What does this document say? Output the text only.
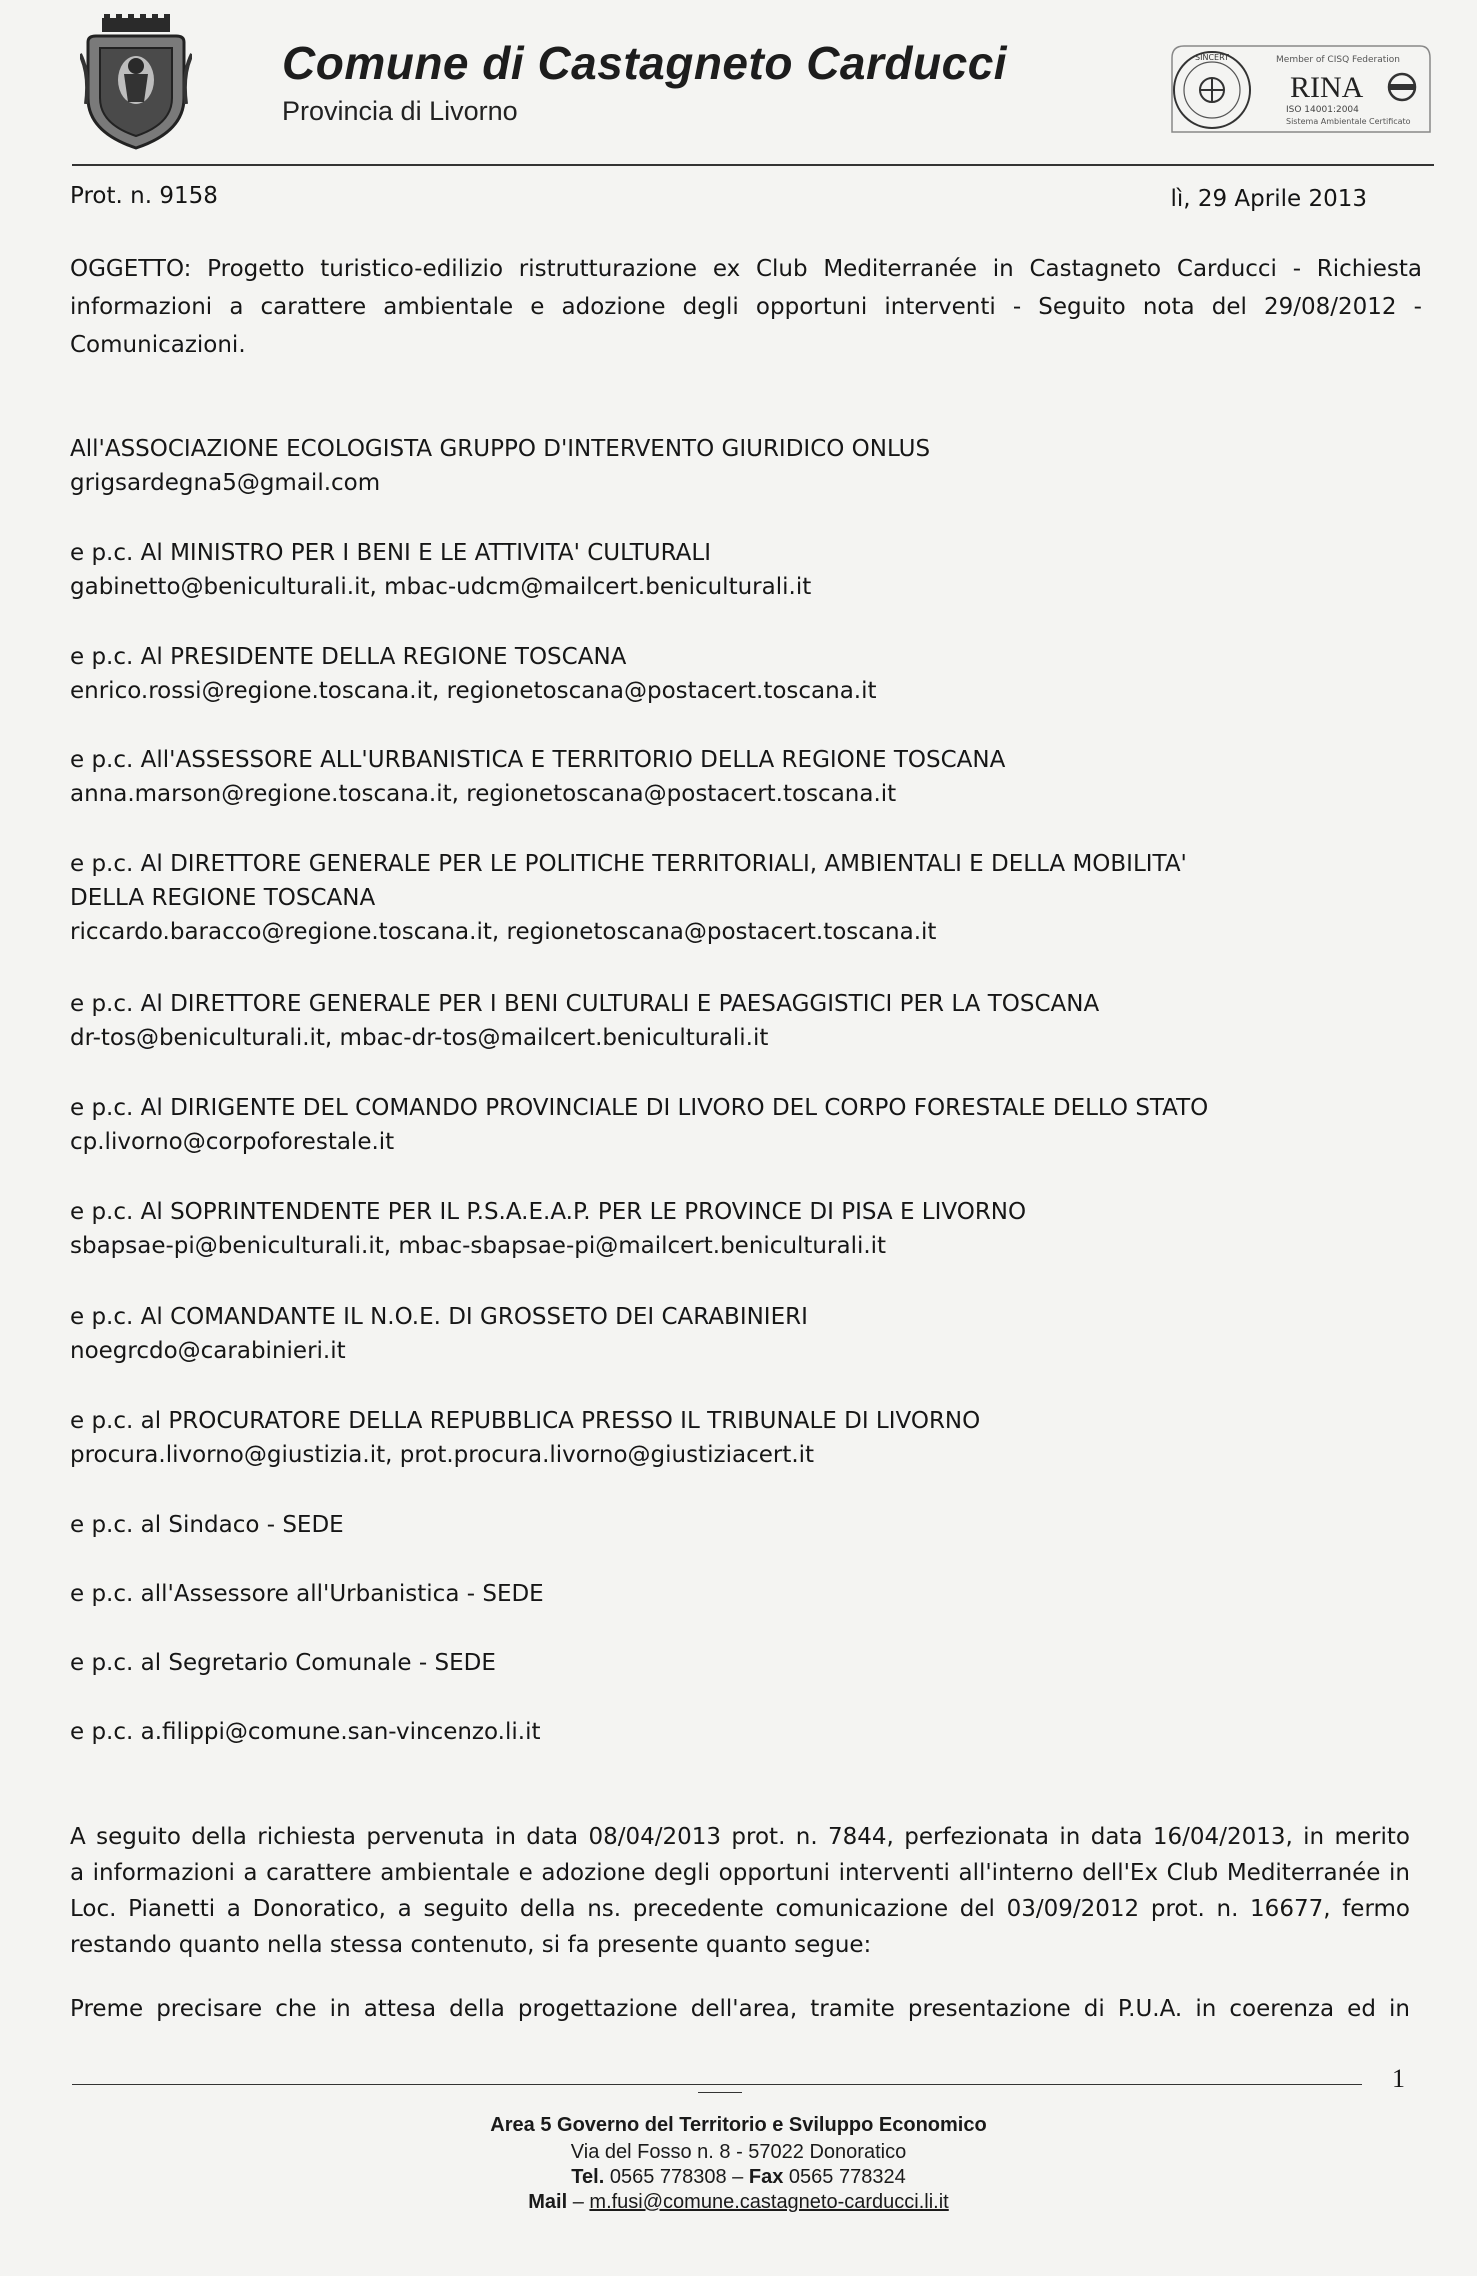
Comune di Castagneto Carducci
Provincia di Livorno
SINCERT	Member of CISQ Federation
RINA
ISO 14001:2004
Sistema Ambientale Certificato
Prot. n. 9158	lì, 29 Aprile 2013
OGGETTO: Progetto turistico-edilizio ristrutturazione ex Club Mediterranée in Castagneto Carducci - Richiesta
informazioni a carattere ambientale e adozione degli opportuni interventi - Seguito nota del 29/08/2012 -
Comunicazioni.
All'ASSOCIAZIONE ECOLOGISTA GRUPPO D'INTERVENTO GIURIDICO ONLUS
grigsardegna5@gmail.com
e p.c. Al MINISTRO PER I BENI E LE ATTIVITA' CULTURALI
gabinetto@beniculturali.it, mbac-udcm@mailcert.beniculturali.it
e p.c. Al PRESIDENTE DELLA REGIONE TOSCANA
enrico.rossi@regione.toscana.it, regionetoscana@postacert.toscana.it
e p.c. All'ASSESSORE ALL'URBANISTICA E TERRITORIO DELLA REGIONE TOSCANA
anna.marson@regione.toscana.it, regionetoscana@postacert.toscana.it
e p.c. Al DIRETTORE GENERALE PER LE POLITICHE TERRITORIALI, AMBIENTALI E DELLA MOBILITA'
DELLA REGIONE TOSCANA
riccardo.baracco@regione.toscana.it, regionetoscana@postacert.toscana.it
e p.c. Al DIRETTORE GENERALE PER I BENI CULTURALI E PAESAGGISTICI PER LA TOSCANA
dr-tos@beniculturali.it, mbac-dr-tos@mailcert.beniculturali.it
e p.c. Al DIRIGENTE DEL COMANDO PROVINCIALE DI LIVORO DEL CORPO FORESTALE DELLO STATO
cp.livorno@corpoforestale.it
e p.c. Al SOPRINTENDENTE PER IL P.S.A.E.A.P. PER LE PROVINCE DI PISA E LIVORNO
sbapsae-pi@beniculturali.it, mbac-sbapsae-pi@mailcert.beniculturali.it
e p.c. Al COMANDANTE IL N.O.E. DI GROSSETO DEI CARABINIERI
noegrcdo@carabinieri.it
e p.c. al PROCURATORE DELLA REPUBBLICA PRESSO IL TRIBUNALE DI LIVORNO
procura.livorno@giustizia.it, prot.procura.livorno@giustiziacert.it
e p.c. al Sindaco - SEDE
e p.c. all'Assessore all'Urbanistica - SEDE
e p.c. al Segretario Comunale - SEDE
e p.c. a.filippi@comune.san-vincenzo.li.it
A seguito della richiesta pervenuta in data 08/04/2013 prot. n. 7844, perfezionata in data 16/04/2013, in merito
a informazioni a carattere ambientale e adozione degli opportuni interventi all'interno dell'Ex Club Mediterranée in
Loc. Pianetti a Donoratico, a seguito della ns. precedente comunicazione del 03/09/2012 prot. n. 16677, fermo
restando quanto nella stessa contenuto, si fa presente quanto segue:
Preme precisare che in attesa della progettazione dell'area, tramite presentazione di P.U.A. in coerenza ed in
1
Area 5 Governo del Territorio e Sviluppo Economico
Via del Fosso n. 8 - 57022 Donoratico
Tel. 0565 778308 – Fax 0565 778324
Mail – m.fusi@comune.castagneto-carducci.li.it
